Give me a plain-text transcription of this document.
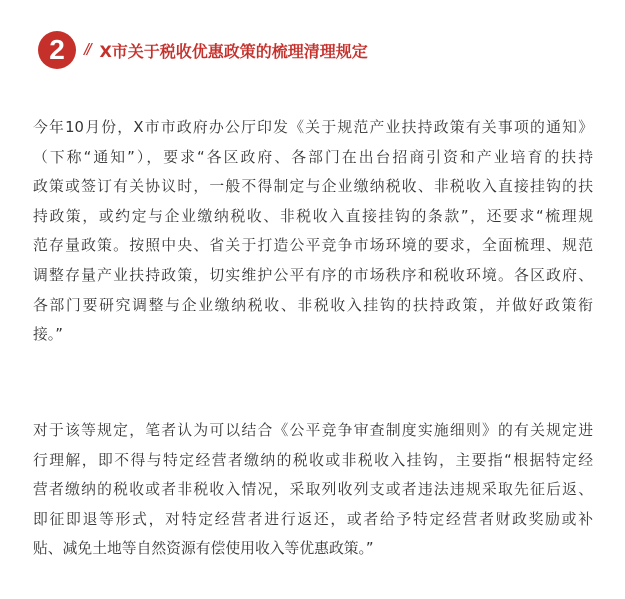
2	// X市关于税收优惠政策的梳理清理规定
今年10月份，X市市政府办公厅印发《关于规范产业扶持政策有关事项的通知》
（下称“通知”），要求“各区政府、各部门在出台招商引资和产业培育的扶持
政策或签订有关协议时，一般不得制定与企业缴纳税收、非税收入直接挂钩的扶
持政策，或约定与企业缴纳税收、非税收入直接挂钩的条款”，还要求“梳理规
范存量政策。按照中央、省关于打造公平竞争市场环境的要求，全面梳理、规范
调整存量产业扶持政策，切实维护公平有序的市场秩序和税收环境。各区政府、
各部门要研究调整与企业缴纳税收、非税收入挂钩的扶持政策，并做好政策衔
接。”
对于该等规定，笔者认为可以结合《公平竞争审查制度实施细则》的有关规定进
行理解，即不得与特定经营者缴纳的税收或非税收入挂钩，主要指“根据特定经
营者缴纳的税收或者非税收入情况，采取列收列支或者违法违规采取先征后返、
即征即退等形式，对特定经营者进行返还，或者给予特定经营者财政奖励或补
贴、减免土地等自然资源有偿使用收入等优惠政策。”
